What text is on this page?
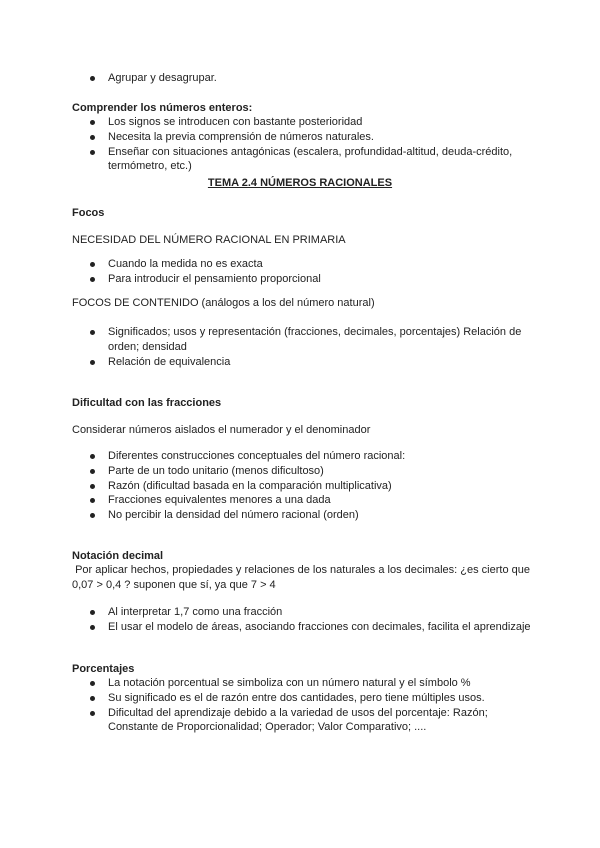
Agrupar y desagrupar.
Comprender los números enteros:
Los signos se introducen con bastante posterioridad
Necesita la previa comprensión de números naturales.
Enseñar con situaciones antagónicas (escalera, profundidad-altitud, deuda-crédito, termómetro, etc.)
TEMA 2.4 NÚMEROS RACIONALES
Focos
NECESIDAD DEL NÚMERO RACIONAL EN PRIMARIA
Cuando la medida no es exacta
Para introducir el pensamiento proporcional
FOCOS DE CONTENIDO (análogos a los del número natural)
Significados; usos y representación (fracciones, decimales, porcentajes) Relación de orden; densidad
Relación de equivalencia
Dificultad con las fracciones
Considerar números aislados el numerador y el denominador
Diferentes construcciones conceptuales del número racional:
Parte de un todo unitario (menos dificultoso)
Razón (dificultad basada en la comparación multiplicativa)
Fracciones equivalentes menores a una dada
No percibir la densidad del número racional (orden)
Notación decimal
Por aplicar hechos, propiedades y relaciones de los naturales a los decimales: ¿es cierto que 0,07 > 0,4 ? suponen que sí, ya que 7 > 4
Al interpretar 1,7 como una fracción
El usar el modelo de áreas, asociando fracciones con decimales, facilita el aprendizaje
Porcentajes
La notación porcentual se simboliza con un número natural y el símbolo %
Su significado es el de razón entre dos cantidades, pero tiene múltiples usos.
Dificultad del aprendizaje debido a la variedad de usos del porcentaje: Razón; Constante de Proporcionalidad; Operador; Valor Comparativo; ....
